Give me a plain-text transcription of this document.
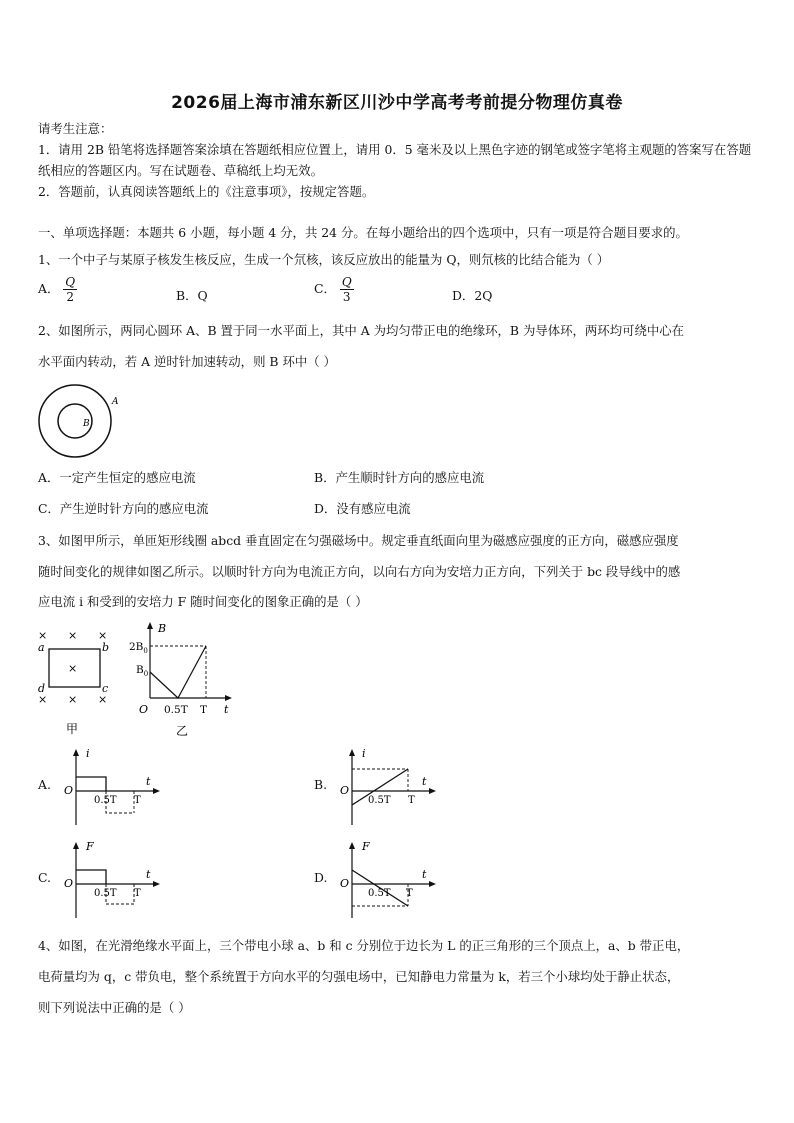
2026届上海市浦东新区川沙中学高考考前提分物理仿真卷
请考生注意：
1．请用 2B 铅笔将选择题答案涂填在答题纸相应位置上，请用 0．5 毫米及以上黑色字迹的钢笔或签字笔将主观题的答案写在答题纸相应的答题区内。写在试题卷、草稿纸上均无效。
2．答题前，认真阅读答题纸上的《注意事项》，按规定答题。
一、单项选择题：本题共 6 小题，每小题 4 分，共 24 分。在每小题给出的四个选项中，只有一项是符合题目要求的。
1、一个中子与某原子核发生核反应，生成一个氘核，该反应放出的能量为 Q，则氘核的比结合能为（ ）
A． $\frac{Q}{2}$	B．Q	C． $\frac{Q}{3}$	D．2Q
2、如图所示，两同心圆环 A、B 置于同一水平面上，其中 A 为均匀带正电的绝缘环，B 为导体环，两环均可绕中心在
水平面内转动，若 A 逆时针加速转动，则 B 环中（ ）
A
B
A．一定产生恒定的感应电流	B．产生顺时针方向的感应电流
C．产生逆时针方向的感应电流	D．没有感应电流
3、如图甲所示，单匝矩形线圈 abcd 垂直固定在匀强磁场中。规定垂直纸面向里为磁感应强度的正方向，磁感应强度
随时间变化的规律如图乙所示。以顺时针方向为电流正方向，以向右方向为安培力正方向，下列关于 bc 段导线中的感
应电流 i 和受到的安培力 F 随时间变化的图象正确的是（ ）
× × ×
×
× × ×
a	b
c
d
甲
B
t
$2B_0$
$B_0$
O 0.5T T
乙
A.
i
t
O
0.5T T
B.
i
t
O
0.5T T
C.
F
t
O
0.5T T
D.
F
t
O
0.5T T
4、如图，在光滑绝缘水平面上，三个带电小球 a、b 和 c 分别位于边长为 L 的正三角形的三个顶点上，a、b 带正电，
电荷量均为 q，c 带负电，整个系统置于方向水平的匀强电场中，已知静电力常量为 k，若三个小球均处于静止状态，
则下列说法中正确的是（ ）
